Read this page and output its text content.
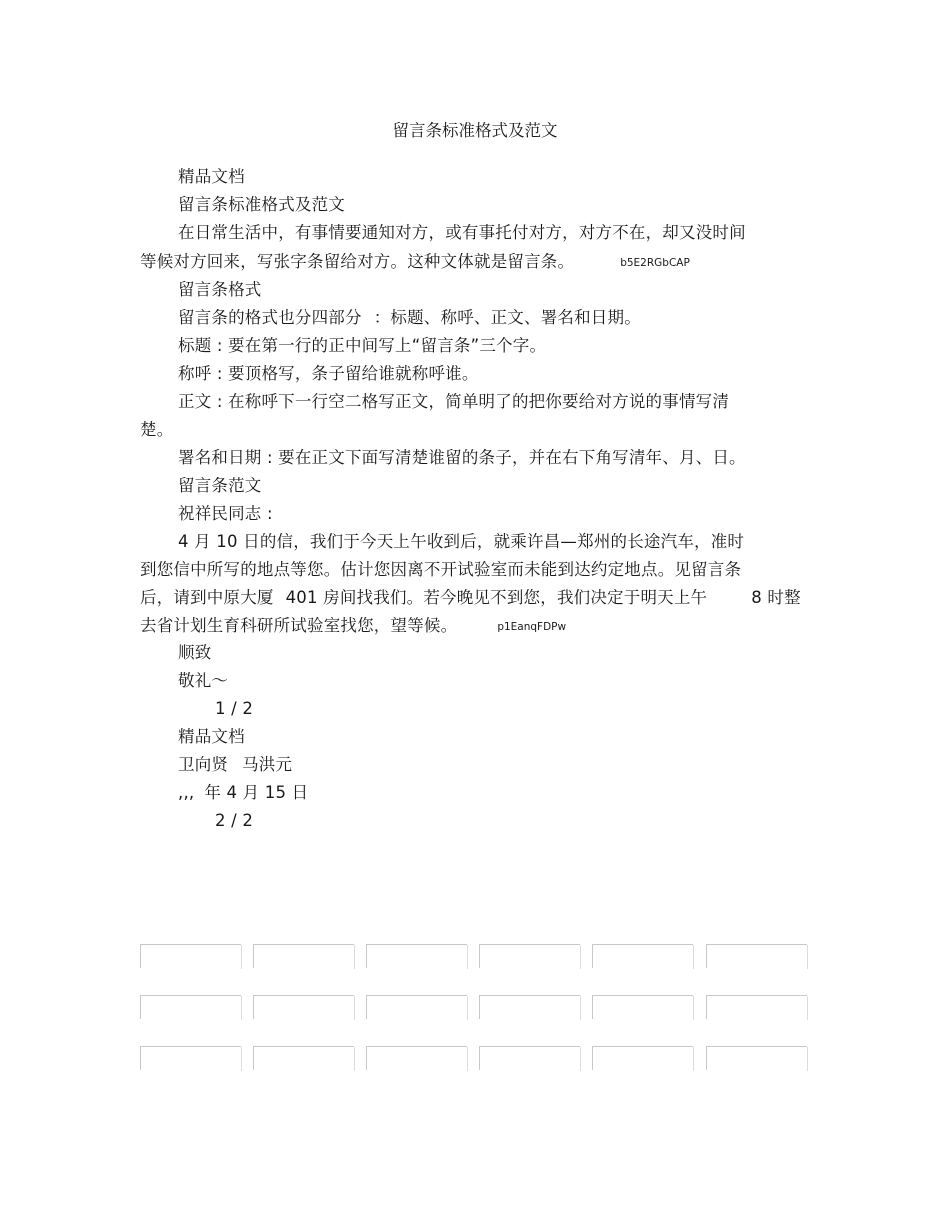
留言条标准格式及范文
精品文档
留言条标准格式及范文
在日常生活中，有事情要通知对方，或有事托付对方，对方不在，却又没时间
等候对方回来，写张字条留给对方。这种文体就是留言条。	b5E2RGbCAP
留言条格式
留言条的格式也分四部分 ：标题、称呼、正文、署名和日期。
标题 : 要在第一行的正中间写上“留言条”三个字。
称呼 : 要顶格写，条子留给谁就称呼谁。
正文 : 在称呼下一行空二格写正文，简单明了的把你要给对方说的事情写清
楚。
署名和日期 : 要在正文下面写清楚谁留的条子，并在右下角写清年、月、日。
留言条范文
祝祥民同志 :
4 月 10 日的信，我们于今天上午收到后，就乘许昌—郑州的长途汽车，准时
到您信中所写的地点等您。估计您因离不开试验室而未能到达约定地点。见留言条
后，请到中原大厦 401 房间找我们。若今晚见不到您，我们决定于明天上午	8 时整
去省计划生育科研所试验室找您，望等候。	p1EanqFDPw
顺致
敬礼～
1 / 2
精品文档
卫向贤 马洪元
,,, 年 4 月 15 日
2 / 2
